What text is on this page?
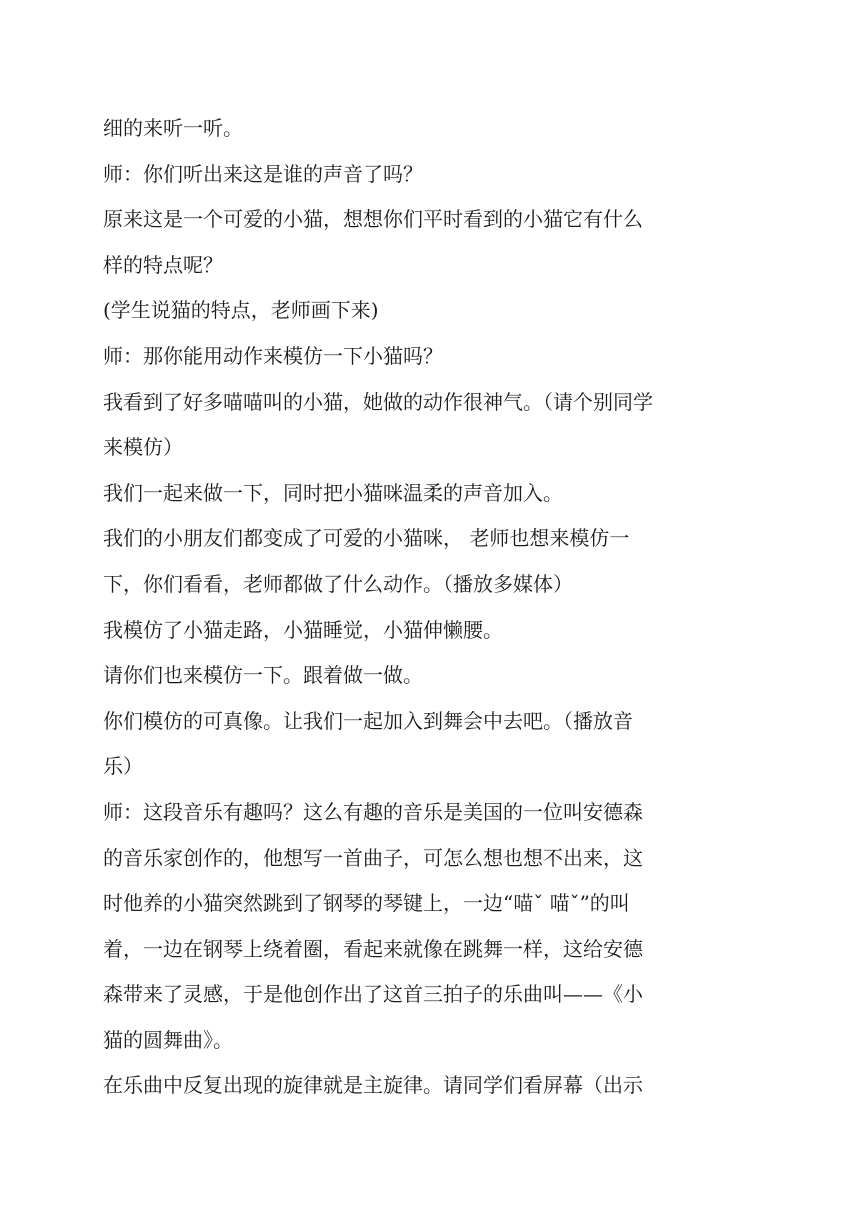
细的来听一听。

师：你们听出来这是谁的声音了吗？

原来这是一个可爱的小猫，想想你们平时看到的小猫它有什么

样的特点呢？

(学生说猫的特点，老师画下来)

师：那你能用动作来模仿一下小猫吗？

我看到了好多喵喵叫的小猫，她做的动作很神气。（请个别同学

来模仿）

我们一起来做一下，同时把小猫咪温柔的声音加入。

我们的小朋友们都变成了可爱的小猫咪， 老师也想来模仿一

下，你们看看，老师都做了什么动作。（播放多媒体）

我模仿了小猫走路，小猫睡觉，小猫伸懒腰。

请你们也来模仿一下。跟着做一做。

你们模仿的可真像。让我们一起加入到舞会中去吧。（播放音

乐）

师：这段音乐有趣吗？这么有趣的音乐是美国的一位叫安德森

的音乐家创作的，他想写一首曲子，可怎么想也想不出来，这

时他养的小猫突然跳到了钢琴的琴键上，一边“喵ˇ 喵ˇ”的叫

着，一边在钢琴上绕着圈，看起来就像在跳舞一样，这给安德

森带来了灵感，于是他创作出了这首三拍子的乐曲叫——《小

猫的圆舞曲》。

在乐曲中反复出现的旋律就是主旋律。请同学们看屏幕（出示
